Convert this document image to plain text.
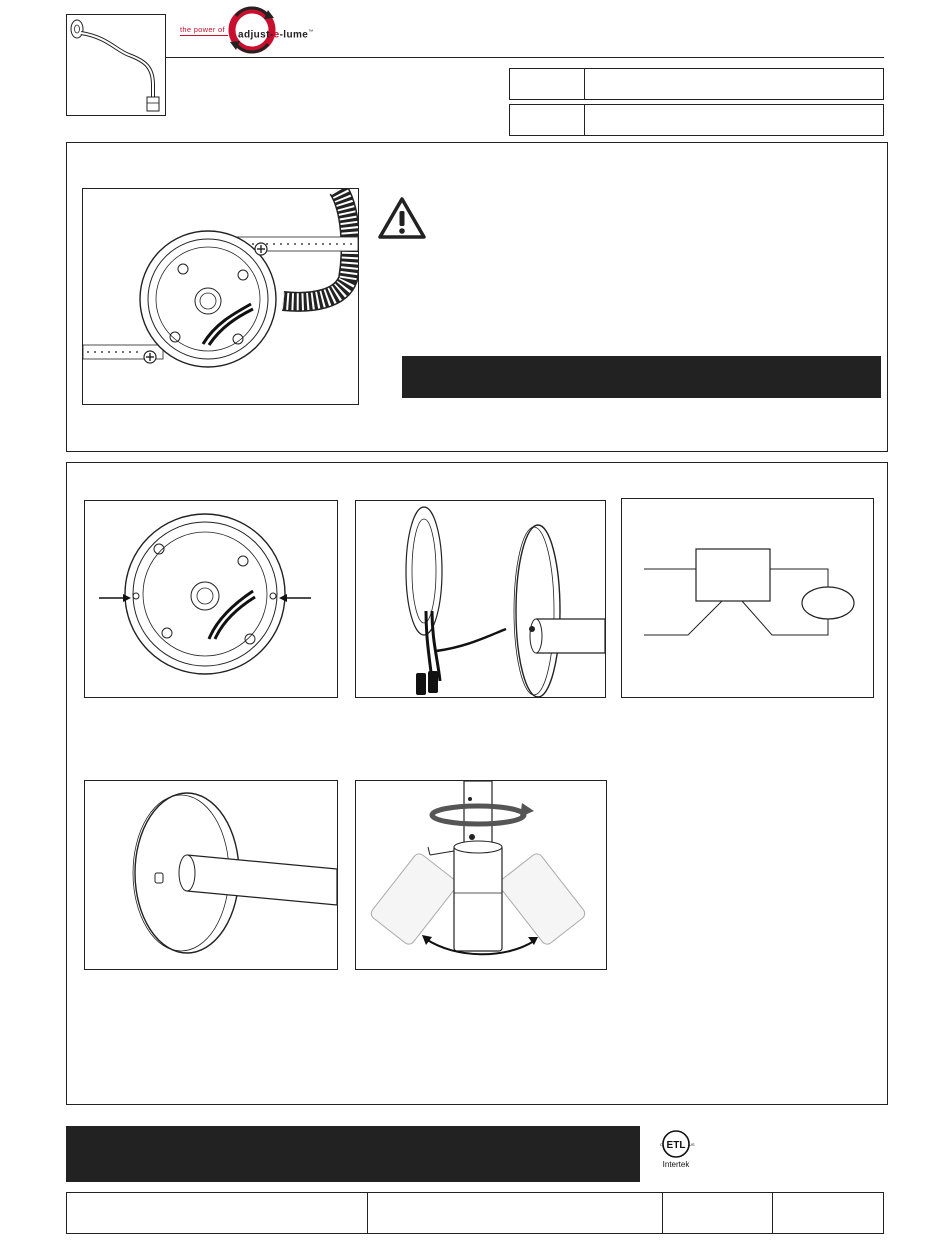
the power of adjust-e-lume™
ETL
C	US
Intertek
